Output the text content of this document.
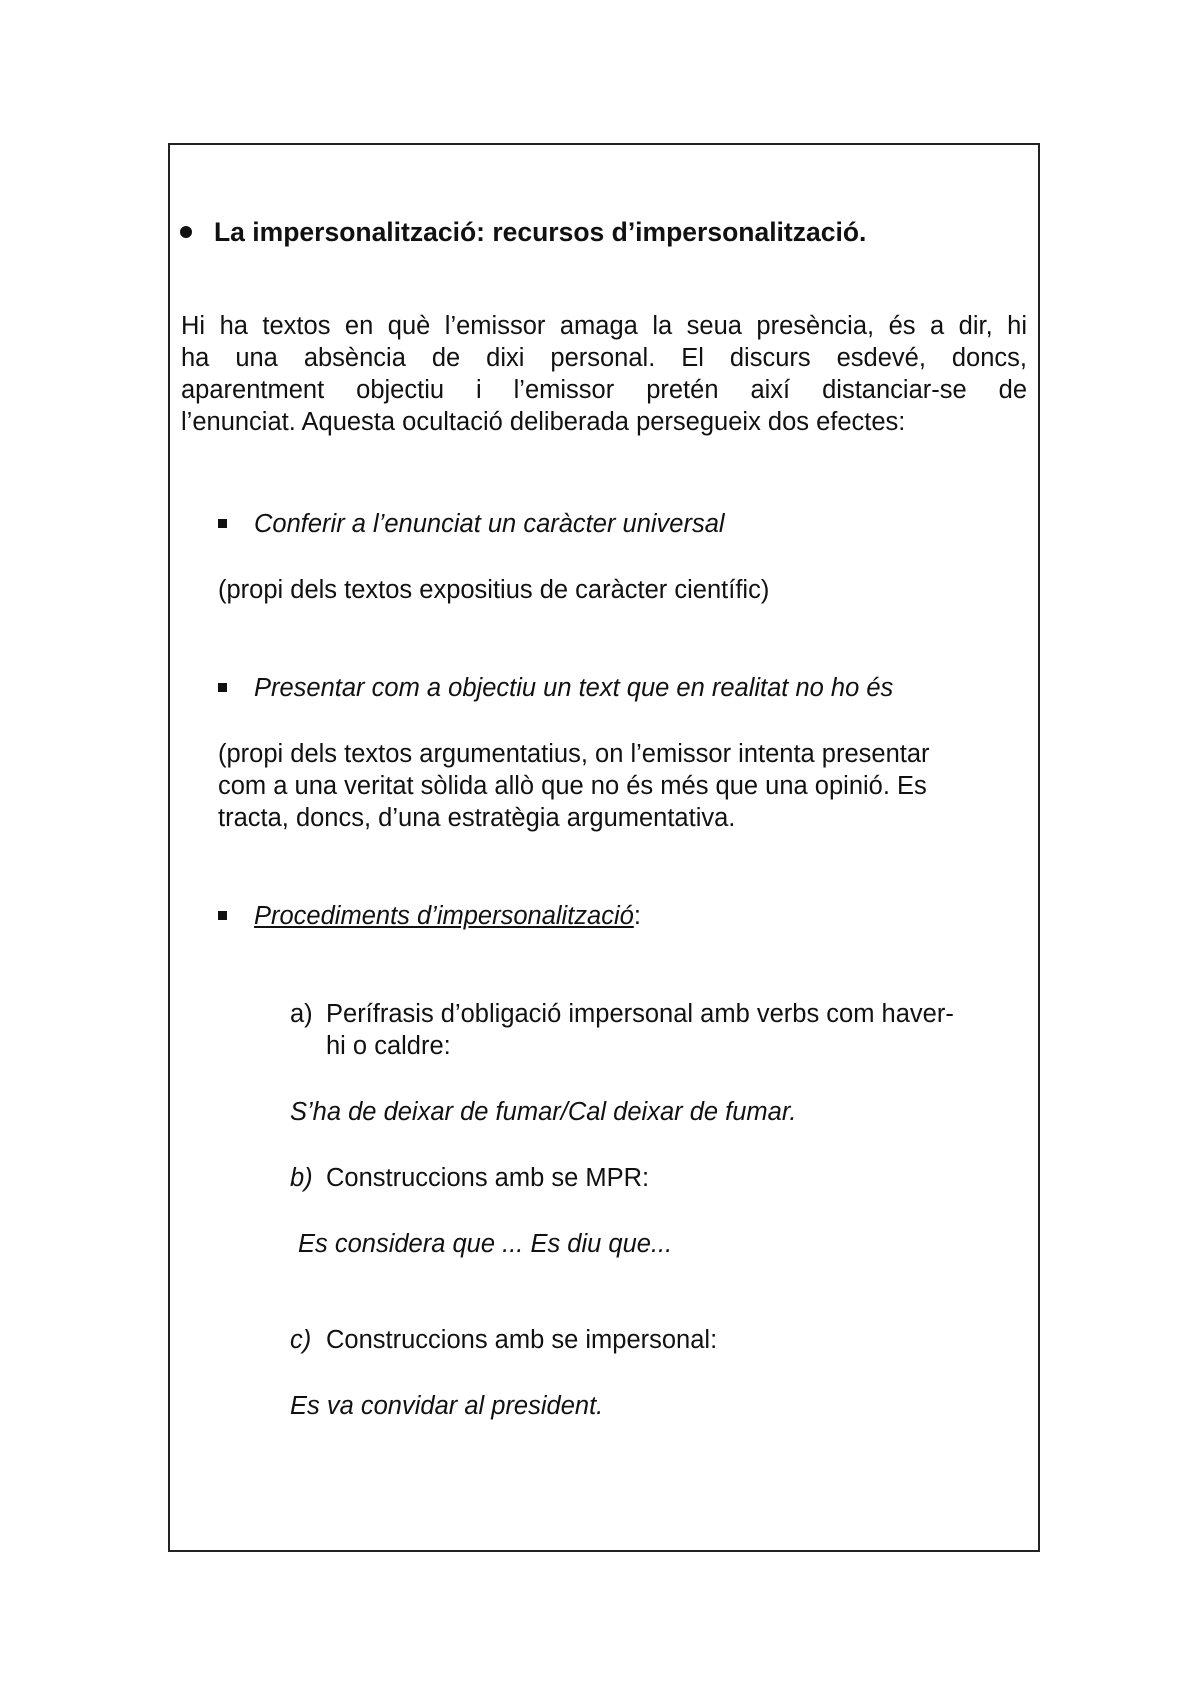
La impersonalització: recursos d’impersonalització.
Hi ha textos en què l’emissor amaga la seua presència, és a dir, hi
ha una absència de dixi personal. El discurs esdevé, doncs,
aparentment objectiu i l’emissor pretén així distanciar-se de
l’enunciat. Aquesta ocultació deliberada persegueix dos efectes:
Conferir a l’enunciat un caràcter universal
(propi dels textos expositius de caràcter científic)
Presentar com a objectiu un text que en realitat no ho és
(propi dels textos argumentatius, on l’emissor intenta presentar
com a una veritat sòlida allò que no és més que una opinió. Es
tracta, doncs, d’una estratègia argumentativa.
Procediments d’impersonalització:
a) Perífrasis d’obligació impersonal amb verbs com haver-
hi o caldre:
S’ha de deixar de fumar/Cal deixar de fumar.
b) Construccions amb se MPR:
Es considera que ... Es diu que...
c) Construccions amb se impersonal:
Es va convidar al president.
